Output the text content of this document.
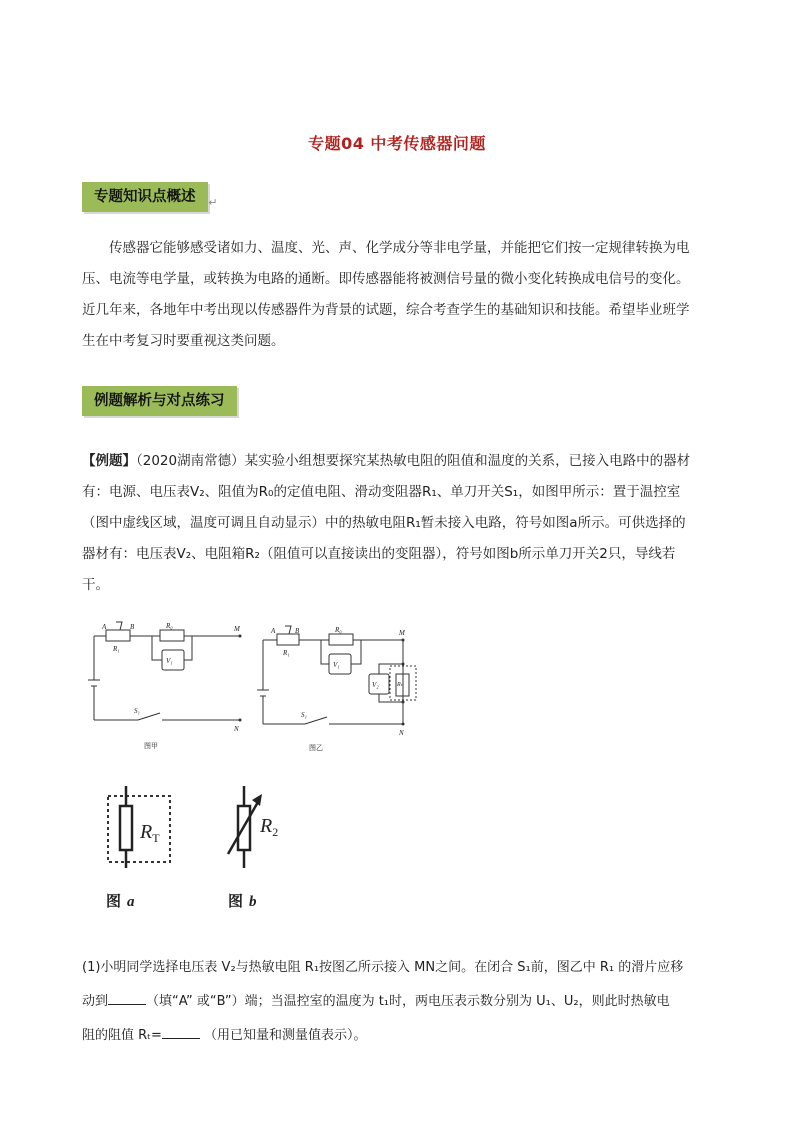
专题04 中考传感器问题
专题知识点概述 ↵
传感器它能够感受诸如力、温度、光、声、化学成分等非电学量，并能把它们按一定规律转换为电
压、电流等电学量，或转换为电路的通断。即传感器能将被测信号量的微小变化转换成电信号的变化。
近几年来，各地年中考出现以传感器件为背景的试题，综合考查学生的基础知识和技能。希望毕业班学
生在中考复习时要重视这类问题。
例题解析与对点练习
【例题】（2020湖南常德）某实验小组想要探究某热敏电阻的阻值和温度的关系，已接入电路中的器材
有：电源、电压表V₂、阻值为R₀的定值电阻、滑动变阻器R₁、单刀开关S₁，如图甲所示：置于温控室
（图中虚线区域，温度可调且自动显示）中的热敏电阻R₁暂未接入电路，符号如图a所示。可供选择的
器材有：电压表V₂、电阻箱R₂（阻值可以直接读出的变阻器），符号如图b所示单刀开关2只，导线若
干。
A	B
R₁
R₀
V₁
M
N
S₁
图甲
A	B
R₁
R₀
V₁
V₂	Rₜ
M
N
S₁
图乙
$R_T$
图 a
$R_2$
图 b
(1)小明同学选择电压表 V₂与热敏电阻 R₁按图乙所示接入 MN之间。在闭合 S₁前，图乙中 R₁ 的滑片应移
动到	（填“A” 或“B”）端；当温控室的温度为 t₁时，两电压表示数分别为 U₁、U₂，则此时热敏电
阻的阻值 Rₜ=	（用已知量和测量值表示）。
